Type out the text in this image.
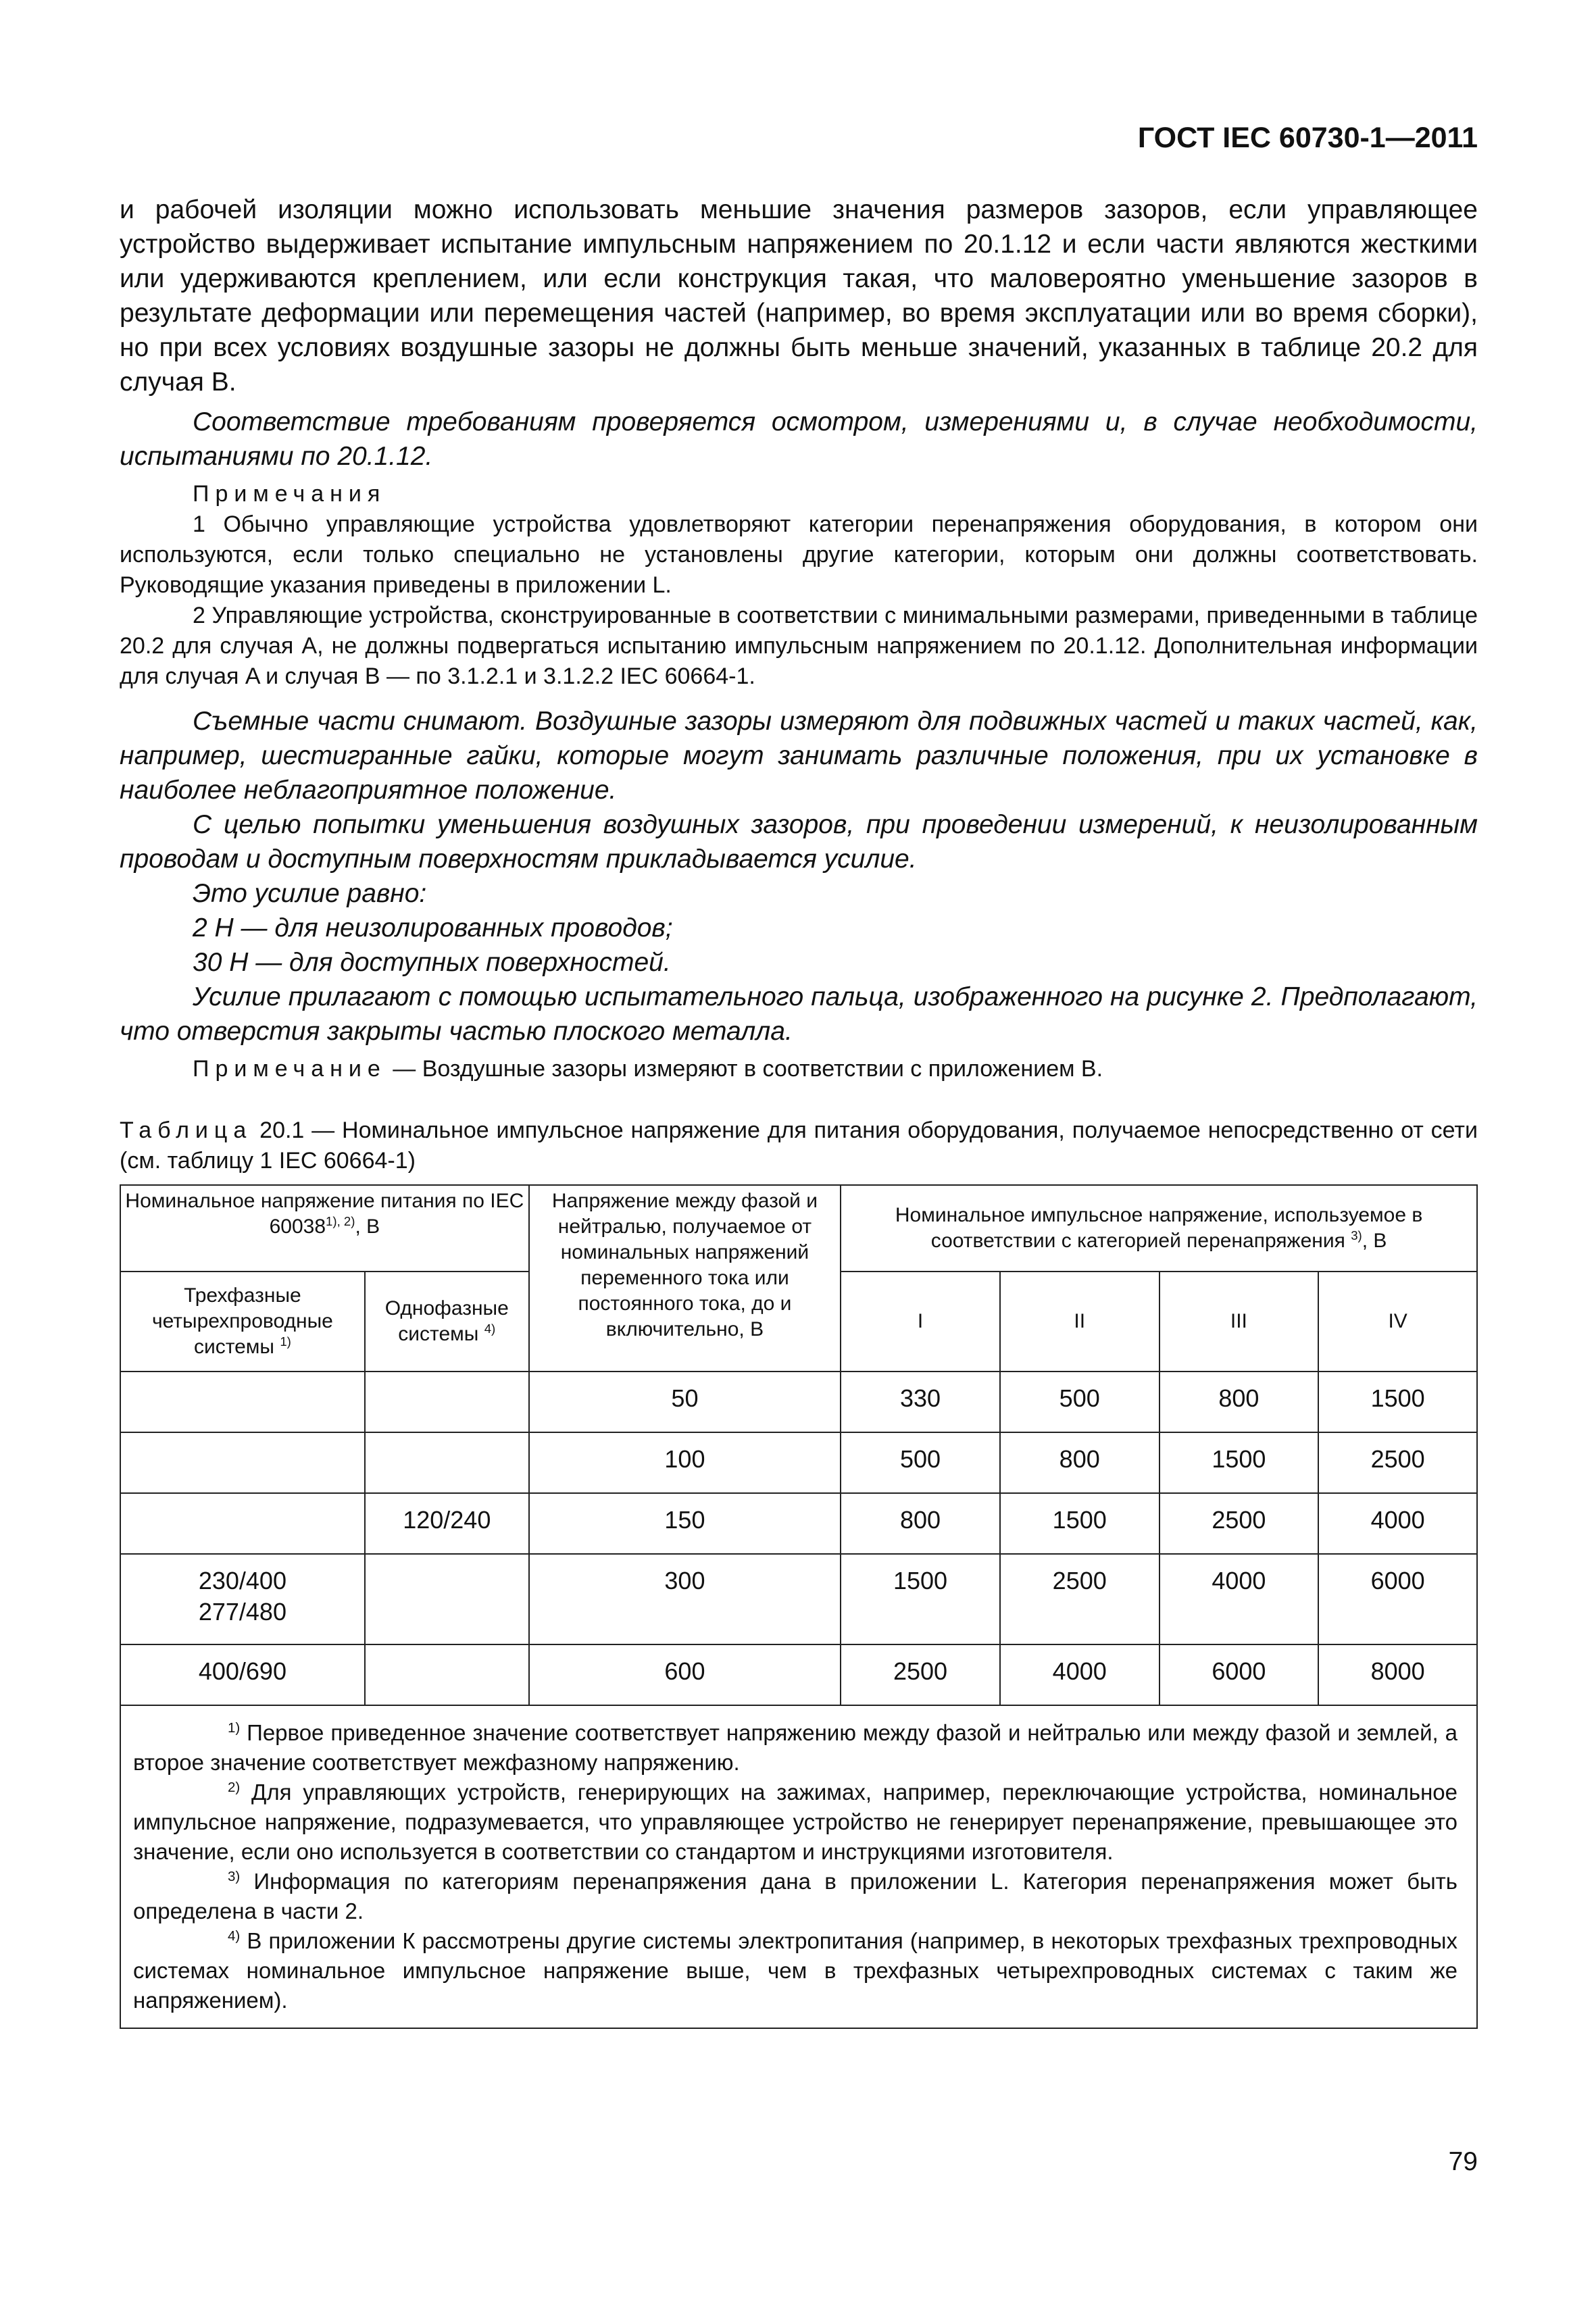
ГОСТ IEC 60730-1—2011

и рабочей изоляции можно использовать меньшие значения размеров зазоров, если управляющее устройство выдерживает испытание импульсным напряжением по 20.1.12 и если части являются жесткими или удерживаются креплением, или если конструкция такая, что маловероятно уменьшение зазоров в результате деформации или перемещения частей (например, во время эксплуатации или во время сборки), но при всех условиях воздушные зазоры не должны быть меньше значений, указанных в таблице 20.2 для случая B.

Соответствие требованиям проверяется осмотром, измерениями и, в случае необходимости, испытаниями по 20.1.12.

Примечания

1 Обычно управляющие устройства удовлетворяют категории перенапряжения оборудования, в котором они используются, если только специально не установлены другие категории, которым они должны соответствовать. Руководящие указания приведены в приложении L.

2 Управляющие устройства, сконструированные в соответствии с минимальными размерами, приведенными в таблице 20.2 для случая A, не должны подвергаться испытанию импульсным напряжением по 20.1.12. Дополнительная информации для случая A и случая B — по 3.1.2.1 и 3.1.2.2 IEC 60664-1.

Съемные части снимают. Воздушные зазоры измеряют для подвижных частей и таких частей, как, например, шестигранные гайки, которые могут занимать различные положения, при их установке в наиболее неблагоприятное положение.

С целью попытки уменьшения воздушных зазоров, при проведении измерений, к неизолированным проводам и доступным поверхностям прикладывается усилие.

Это усилие равно:

2 Н — для неизолированных проводов;

30 Н — для доступных поверхностей.

Усилие прилагают с помощью испытательного пальца, изображенного на рисунке 2. Предполагают, что отверстия закрыты частью плоского металла.

Примечание — Воздушные зазоры измеряют в соответствии с приложением B.

Таблица 20.1 — Номинальное импульсное напряжение для питания оборудования, получаемое непосредственно от сети (см. таблицу 1 IEC 60664-1)

Номинальное напряжение питания по IEC $60038^{1), 2)}$, В		Напряжение между фазой и нейтралью, получаемое от номинальных напряжений переменного тока или постоянного тока, до и включительно, В	Номинальное импульсное напряжение, используемое в соответствии с категорией перенапряжения $^{3)}$, В			
Трехфазные четырехпроводные системы $^{1)}$	Однофазные системы $^{4)}$		I	II	III	IV
		50	330	500	800	1500
		100	500	800	1500	2500
	120/240	150	800	1500	2500	4000
230/400
277/480		300	1500	2500	4000	6000
400/690		600	2500	4000	6000	8000

$^{1)}$ Первое приведенное значение соответствует напряжению между фазой и нейтралью или между фазой и землей, а второе значение соответствует межфазному напряжению.

$^{2)}$ Для управляющих устройств, генерирующих на зажимах, например, переключающие устройства, номинальное импульсное напряжение, подразумевается, что управляющее устройство не генерирует перенапряжение, превышающее это значение, если оно используется в соответствии со стандартом и инструкциями изготовителя.

$^{3)}$ Информация по категориям перенапряжения дана в приложении L. Категория перенапряжения может быть определена в части 2.

$^{4)}$ В приложении К рассмотрены другие системы электропитания (например, в некоторых трехфазных трехпроводных системах номинальное импульсное напряжение выше, чем в трехфазных четырехпроводных системах с таким же напряжением).						

79
